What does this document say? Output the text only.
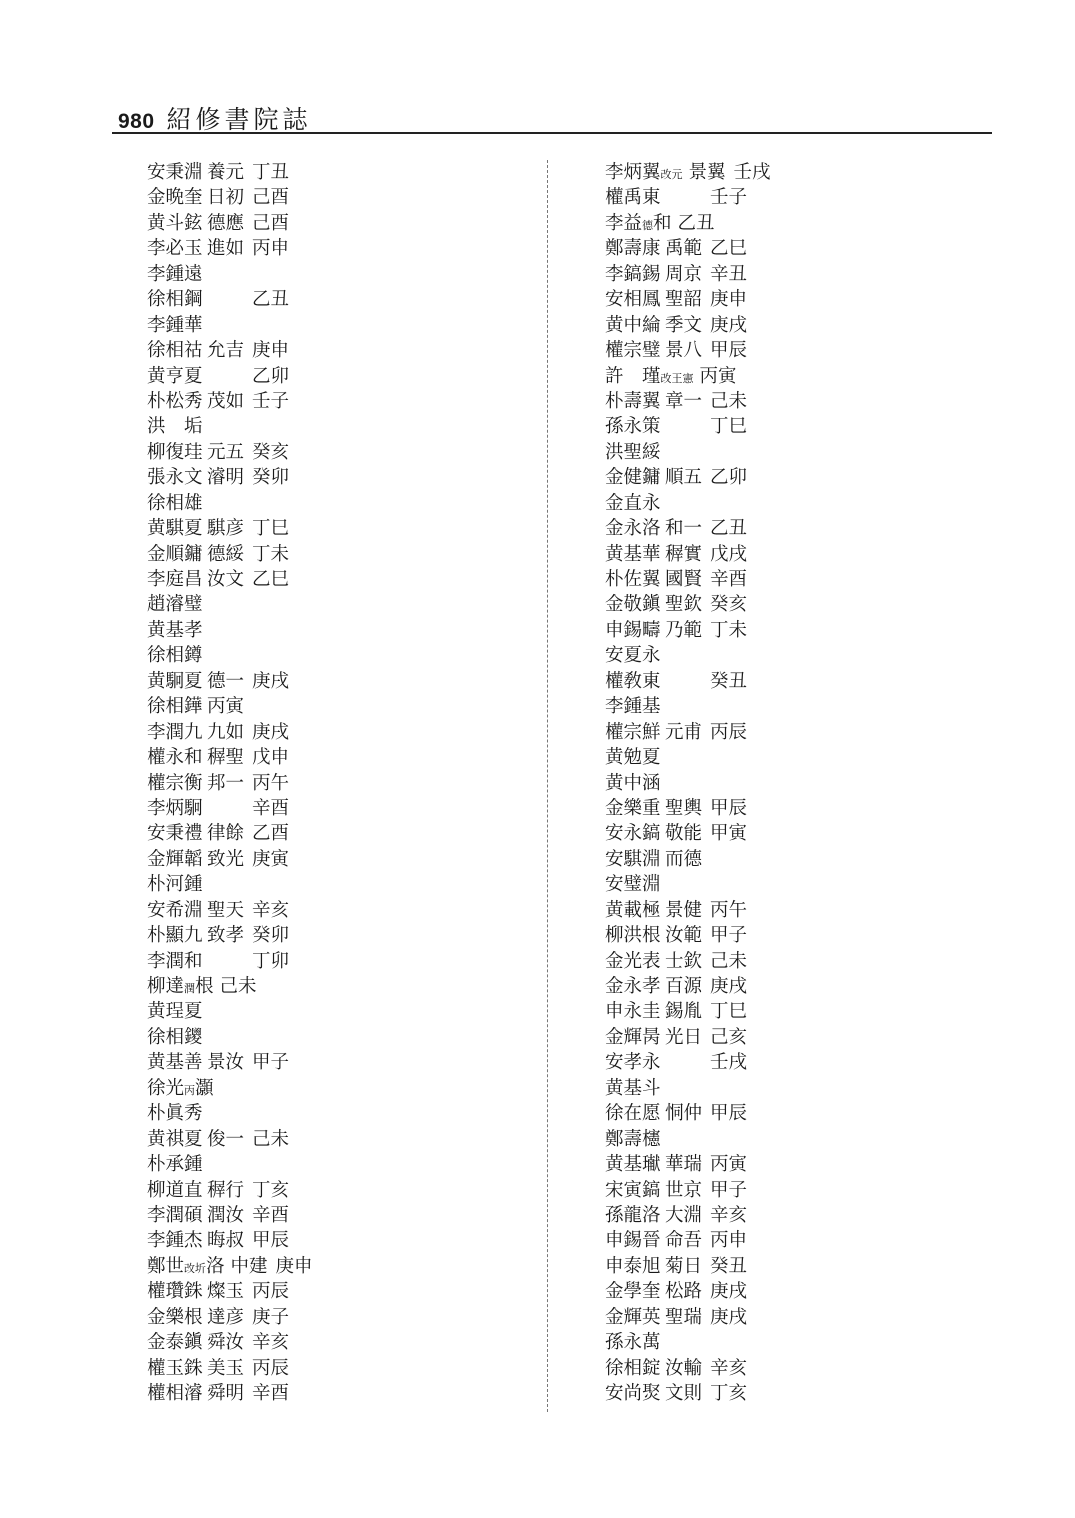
980 紹修書院誌
安秉淵 養元 丁丑
金晩奎 日初 己酉
黄斗鉉 德應 己酉
李必玉 進如 丙申
李鍾遠
徐相鋼	乙丑
李鍾華
徐相祜 允吉 庚申
黄亨夏	乙卯
朴松秀 茂如 壬子
洪　垢
柳復珪 元五 癸亥
張永文 濬明 癸卯
徐相雄
黄騏夏 騏彦 丁巳
金順鏞 德綏 丁未
李庭昌 汝文 乙巳
趙濬璧
黄基孝
徐相鐏
黄駉夏 德一 庚戌
徐相鏵 丙寅
李潤九 九如 庚戌
權永和 稺聖 戊申
權宗衡 邦一 丙午
李炳駉	辛酉
安秉禮 律餘 乙酉
金輝韜 致光 庚寅
朴河鍾
安希淵 聖天 辛亥
朴顯九 致孝 癸卯
李潤和	丁卯
柳達潤根 己未
黄珵夏
徐相鑁
黄基善 景汝 甲子
徐光丙灝
朴眞秀
黄祺夏 俊一 己未
朴承鍾
柳道直 稺行 丁亥
李潤碩 潤汝 辛酉
李鍾杰 晦叔 甲辰
鄭世改圻洛 中建 庚申
權瓚銖 燦玉 丙辰
金樂根 達彦 庚子
金泰鎭 舜汝 辛亥
權玉銖 美玉 丙辰
權相濬 舜明 辛酉
李炳翼改元 景翼 壬戌
權禹東	壬子
李益德和 乙丑
鄭壽康 禹範 乙巳
李鎬錫 周京 辛丑
安相鳳 聖韶 庚申
黄中綸 季文 庚戌
權宗璧 景八 甲辰
許　瑾改王憲 丙寅
朴壽翼 章一 己未
孫永策	丁巳
洪聖綏
金健鏞 順五 乙卯
金直永
金永洛 和一 乙丑
黄基華 稺實 戊戌
朴佐翼 國賢 辛酉
金敬鎭 聖欽 癸亥
申錫疇 乃範 丁未
安夏永
權敎東	癸丑
李鍾基
權宗鮮 元甫 丙辰
黄勉夏
黄中涵
金樂重 聖輿 甲辰
安永鎬 敬能 甲寅
安騏淵 而德
安璧淵
黄載極 景健 丙午
柳洪根 汝範 甲子
金光表 士欽 己未
金永孝 百源 庚戌
申永圭 錫胤 丁巳
金輝昺 光日 己亥
安孝永	壬戌
黄基斗
徐在愿 恫仲 甲辰
鄭壽櫶
黄基𤩽 華瑞 丙寅
宋寅鎬 世京 甲子
孫龍洛 大淵 辛亥
申錫晉 命吾 丙申
申泰旭 菊日 癸丑
金學奎 松路 庚戌
金輝英 聖瑞 庚戌
孫永萬
徐相錠 汝輸 辛亥
安尚㷅 文則 丁亥
